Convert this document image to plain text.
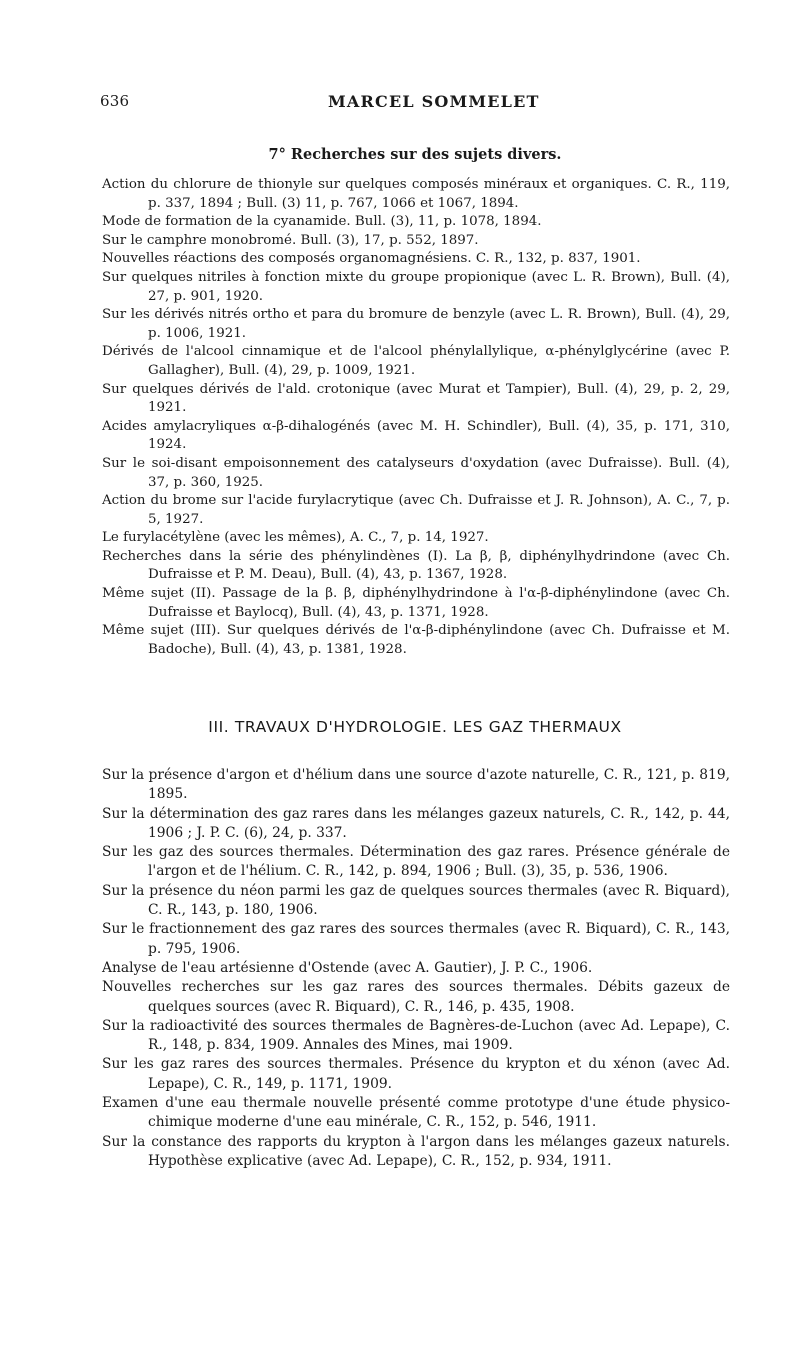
636	MARCEL SOMMELET
7° Recherches sur des sujets divers.
Action du chlorure de thionyle sur quelques composés minéraux et organiques. C. R., 119, p. 337, 1894 ; Bull. (3) 11, p. 767, 1066 et 1067, 1894.
Mode de formation de la cyanamide. Bull. (3), 11, p. 1078, 1894.
Sur le camphre monobromé. Bull. (3), 17, p. 552, 1897.
Nouvelles réactions des composés organomagnésiens. C. R., 132, p. 837, 1901.
Sur quelques nitriles à fonction mixte du groupe propionique (avec L. R. Brown), Bull. (4), 27, p. 901, 1920.
Sur les dérivés nitrés ortho et para du bromure de benzyle (avec L. R. Brown), Bull. (4), 29, p. 1006, 1921.
Dérivés de l'alcool cinnamique et de l'alcool phénylallylique, α-phénylglycérine (avec P. Gallagher), Bull. (4), 29, p. 1009, 1921.
Sur quelques dérivés de l'ald. crotonique (avec Murat et Tampier), Bull. (4), 29, p. 2, 29, 1921.
Acides amylacryliques α-β-dihalogénés (avec M. H. Schindler), Bull. (4), 35, p. 171, 310, 1924.
Sur le soi-disant empoisonnement des catalyseurs d'oxydation (avec Dufraisse). Bull. (4), 37, p. 360, 1925.
Action du brome sur l'acide furylacrytique (avec Ch. Dufraisse et J. R. Johnson), A. C., 7, p. 5, 1927.
Le furylacétylène (avec les mêmes), A. C., 7, p. 14, 1927.
Recherches dans la série des phénylindènes (I). La β, β, diphénylhydrindone (avec Ch. Dufraisse et P. M. Deau), Bull. (4), 43, p. 1367, 1928.
Même sujet (II). Passage de la β. β, diphénylhydrindone à l'α-β-diphénylindone (avec Ch. Dufraisse et Baylocq), Bull. (4), 43, p. 1371, 1928.
Même sujet (III). Sur quelques dérivés de l'α-β-diphénylindone (avec Ch. Dufraisse et M. Badoche), Bull. (4), 43, p. 1381, 1928.
III. TRAVAUX D'HYDROLOGIE. LES GAZ THERMAUX
Sur la présence d'argon et d'hélium dans une source d'azote naturelle, C. R., 121, p. 819, 1895.
Sur la détermination des gaz rares dans les mélanges gazeux naturels, C. R., 142, p. 44, 1906 ; J. P. C. (6), 24, p. 337.
Sur les gaz des sources thermales. Détermination des gaz rares. Présence générale de l'argon et de l'hélium. C. R., 142, p. 894, 1906 ; Bull. (3), 35, p. 536, 1906.
Sur la présence du néon parmi les gaz de quelques sources thermales (avec R. Biquard), C. R., 143, p. 180, 1906.
Sur le fractionnement des gaz rares des sources thermales (avec R. Biquard), C. R., 143, p. 795, 1906.
Analyse de l'eau artésienne d'Ostende (avec A. Gautier), J. P. C., 1906.
Nouvelles recherches sur les gaz rares des sources thermales. Débits gazeux de quelques sources (avec R. Biquard), C. R., 146, p. 435, 1908.
Sur la radioactivité des sources thermales de Bagnères-de-Luchon (avec Ad. Lepape), C. R., 148, p. 834, 1909. Annales des Mines, mai 1909.
Sur les gaz rares des sources thermales. Présence du krypton et du xénon (avec Ad. Lepape), C. R., 149, p. 1171, 1909.
Examen d'une eau thermale nouvelle présenté comme prototype d'une étude physico-chimique moderne d'une eau minérale, C. R., 152, p. 546, 1911.
Sur la constance des rapports du krypton à l'argon dans les mélanges gazeux naturels. Hypothèse explicative (avec Ad. Lepape), C. R., 152, p. 934, 1911.
